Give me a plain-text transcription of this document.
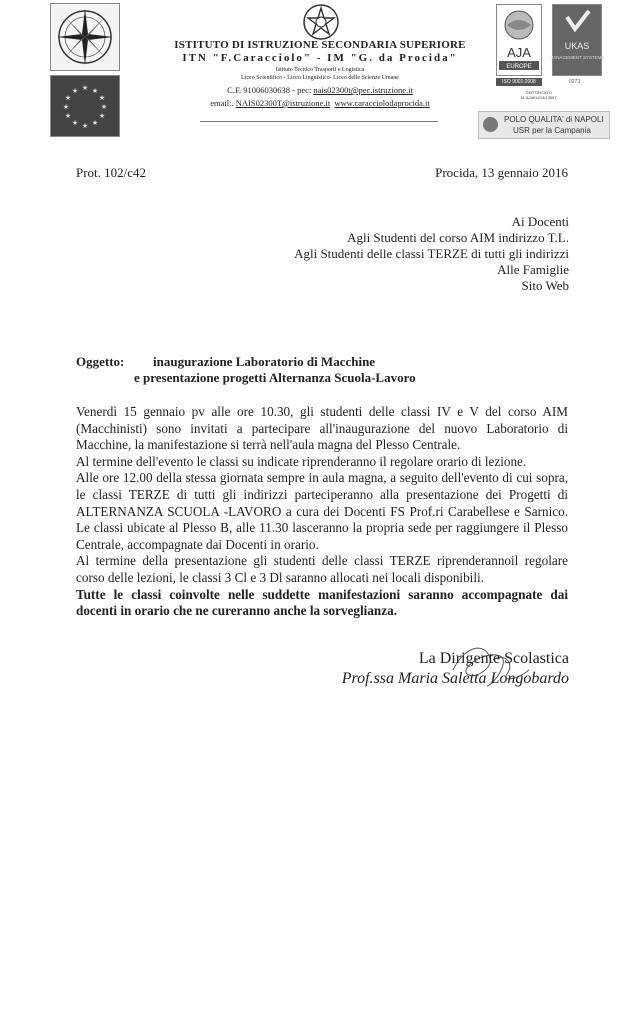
★ ★
★
★
★
★
★
★
★
★
★
★
ISTITUTO DI ISTRUZIONE SECONDARIA SUPERIORE
ITN "F.Caracciolo" - IM "G. da Procida"
Istituto Tecnico Trasporti e Logistica
Liceo Scientifico - Liceo Linguistico- Liceo delle Scienze Umane
C.F. 91006030638 - pec: nais02300t@pec.istruzione.it
email:. NAIS02300T@istruzione.it www.caracciolodaprocida.it
AJA
EUROPE
UKAS
MANAGEMENT SYSTEMS
ISO 9001:2008	0273
CERTIFICATO
N. AJAEU/13/13057
POLO QUALITA' di NAPOLI
USR per la Campania
Prot. 102/c42	Procida, 13 gennaio 2016
Ai Docenti
Agli Studenti del corso AIM indirizzo T.L.
Agli Studenti delle classi TERZE di tutti gli indirizzi
Alle Famiglie
Sito Web
Oggetto: inaugurazione Laboratorio di Macchine
e presentazione progetti Alternanza Scuola-Lavoro

Venerdì 15 gennaio pv alle ore 10.30, gli studenti delle classi IV e V del corso AIM (Macchinisti) sono invitati a partecipare all'inaugurazione del nuovo Laboratorio di Macchine, la manifestazione si terrà nell'aula magna del Plesso Centrale.

Al termine dell'evento le classi su indicate riprenderanno il regolare orario di lezione.

Alle ore 12.00 della stessa giornata sempre in aula magna, a seguito dell'evento di cui sopra, le classi TERZE di tutti gli indirizzi parteciperanno alla presentazione dei Progetti di ALTERNANZA SCUOLA -LAVORO a cura dei Docenti FS Prof.ri Carabellese e Sarnico. Le classi ubicate al Plesso B, alle 11.30 lasceranno la propria sede per raggiungere il Plesso Centrale, accompagnate dai Docenti in orario.

Al termine della presentazione gli studenti delle classi TERZE riprenderannoil regolare corso delle lezioni, le classi 3 Cl e 3 Dl saranno allocati nei locali disponibili.

Tutte le classi coinvolte nelle suddette manifestazioni saranno accompagnate dai docenti in orario che ne cureranno anche la sorveglianza.

La Dirigente Scolastica
Prof.ssa Maria Saletta Longobardo
